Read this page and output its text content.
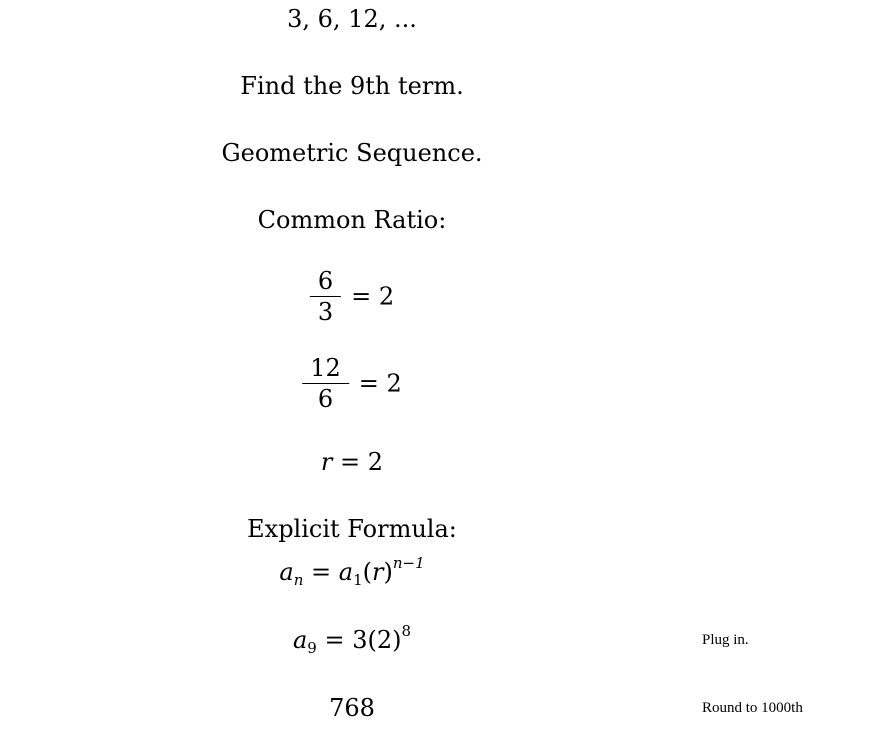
3, 6, 12, ...
Find the 9th term.
Geometric Sequence.
Common Ratio:
$\frac{6}{3} = 2$
$\frac{12}{6} = 2$
r = 2
Explicit Formula:
$a_n = a_1(r)^{n-1}$
$a_9 = 3(2)^8$
768
Plug in.
Round to 1000th
